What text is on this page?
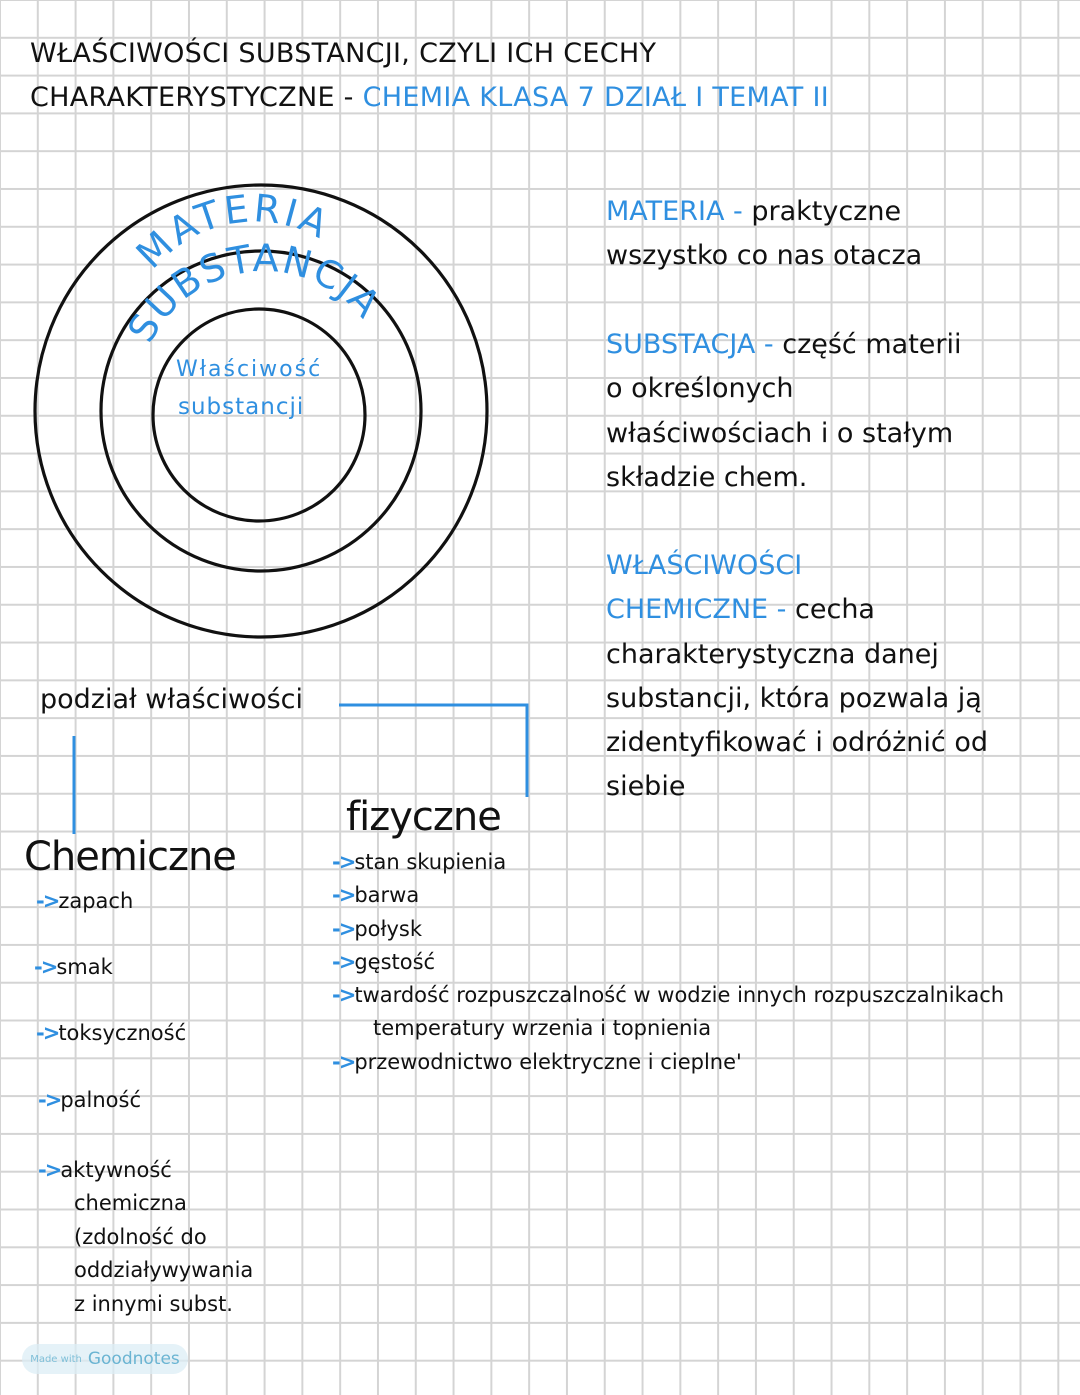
WŁAŚCIWOŚCI SUBSTANCJI, CZYLI ICH CECHY
CHARAKTERYSTYCZNE - CHEMIA KLASA 7 DZIAŁ I TEMAT II
MATERIA
SUBSTANCJA
Właściwość
substancji
MATERIA - praktyczne
wszystko co nas otacza
SUBSTACJA - część materii
o określonych
właściwościach i o stałym
składzie chem.
WŁAŚCIWOŚCI
CHEMICZNE - cecha
charakterystyczna danej
substancji, która pozwala ją
zidentyfikować i odróżnić od
siebie
podział właściwości
Chemiczne
->zapach
->smak
->toksyczność
->palność
->aktywność
chemiczna
(zdolność do
oddziaływywania
z innymi subst.
fizyczne
->stan skupienia
->barwa
->połysk
->gęstość
->twardość rozpuszczalność w wodzie innych rozpuszczalnikach
temperatury wrzenia i topnienia
->przewodnictwo elektryczne i cieplne'
Made with Goodnotes
